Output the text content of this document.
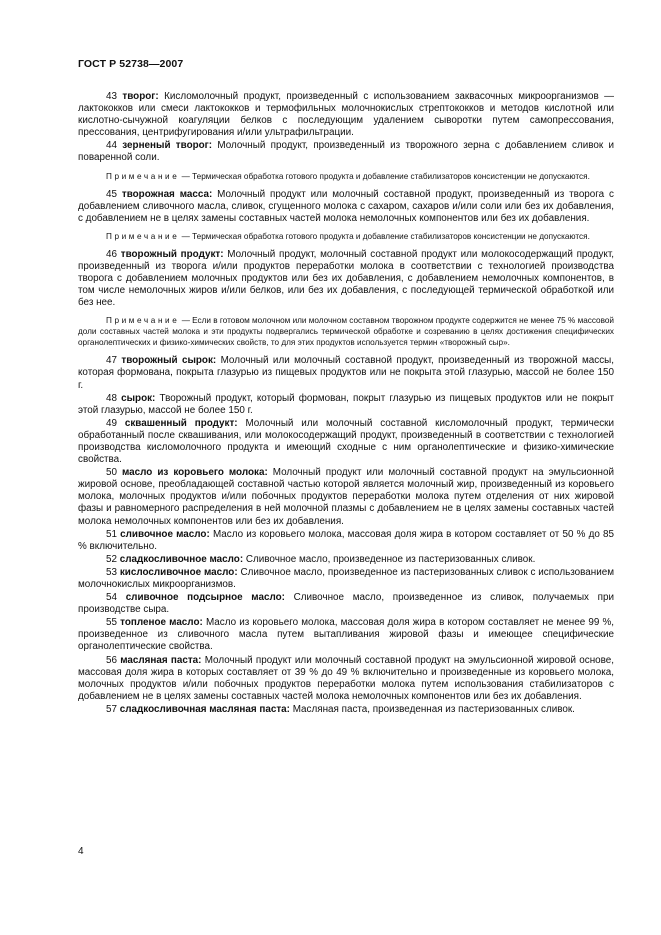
ГОСТ Р 52738—2007

43 творог: Кисломолочный продукт, произведенный с использованием заквасочных микроорганизмов — лактококков или смеси лактококков и термофильных молочнокислых стрептококков и методов кислотной или кислотно-сычужной коагуляции белков с последующим удалением сыворотки путем самопрессования, прессования, центрифугирования и/или ультрафильтрации.

44 зерненый творог: Молочный продукт, произведенный из творожного зерна с добавлением сливок и поваренной соли.

Примечание — Термическая обработка готового продукта и добавление стабилизаторов консистенции не допускаются.

45 творожная масса: Молочный продукт или молочный составной продукт, произведенный из творога с добавлением сливочного масла, сливок, сгущенного молока с сахаром, сахаров и/или соли или без их добавления, с добавлением не в целях замены составных частей молока немолочных компонентов или без их добавления.

Примечание — Термическая обработка готового продукта и добавление стабилизаторов консистенции не допускаются.

46 творожный продукт: Молочный продукт, молочный составной продукт или молокосодержащий продукт, произведенный из творога и/или продуктов переработки молока в соответствии с технологией производства творога с добавлением молочных продуктов или без их добавления, с добавлением немолочных компонентов, в том числе немолочных жиров и/или белков, или без их добавления, с последующей термической обработкой или без нее.

Примечание — Если в готовом молочном или молочном составном творожном продукте содержится не менее 75 % массовой доли составных частей молока и эти продукты подвергались термической обработке и созреванию в целях достижения специфических органолептических и физико-химических свойств, то для этих продуктов используется термин «творожный сыр».

47 творожный сырок: Молочный или молочный составной продукт, произведенный из творожной массы, которая формована, покрыта глазурью из пищевых продуктов или не покрыта этой глазурью, массой не более 150 г.

48 сырок: Творожный продукт, который формован, покрыт глазурью из пищевых продуктов или не покрыт этой глазурью, массой не более 150 г.

49 сквашенный продукт: Молочный или молочный составной кисломолочный продукт, термически обработанный после сквашивания, или молокосодержащий продукт, произведенный в соответствии с технологией производства кисломолочного продукта и имеющий сходные с ним органолептические и физико-химические свойства.

50 масло из коровьего молока: Молочный продукт или молочный составной продукт на эмульсионной жировой основе, преобладающей составной частью которой является молочный жир, произведенный из коровьего молока, молочных продуктов и/или побочных продуктов переработки молока путем отделения от них жировой фазы и равномерного распределения в ней молочной плазмы с добавлением не в целях замены составных частей молока немолочных компонентов или без их добавления.

51 сливочное масло: Масло из коровьего молока, массовая доля жира в котором составляет от 50 % до 85 % включительно.

52 сладкосливочное масло: Сливочное масло, произведенное из пастеризованных сливок.

53 кислосливочное масло: Сливочное масло, произведенное из пастеризованных сливок с использованием молочнокислых микроорганизмов.

54 сливочное подсырное масло: Сливочное масло, произведенное из сливок, получаемых при производстве сыра.

55 топленое масло: Масло из коровьего молока, массовая доля жира в котором составляет не менее 99 %, произведенное из сливочного масла путем вытапливания жировой фазы и имеющее специфические органолептические свойства.

56 масляная паста: Молочный продукт или молочный составной продукт на эмульсионной жировой основе, массовая доля жира в которых составляет от 39 % до 49 % включительно и произведенные из коровьего молока, молочных продуктов и/или побочных продуктов переработки молока путем использования стабилизаторов с добавлением не в целях замены составных частей молока немолочных компонентов или без их добавления.

57 сладкосливочная масляная паста: Масляная паста, произведенная из пастеризованных сливок.

4
